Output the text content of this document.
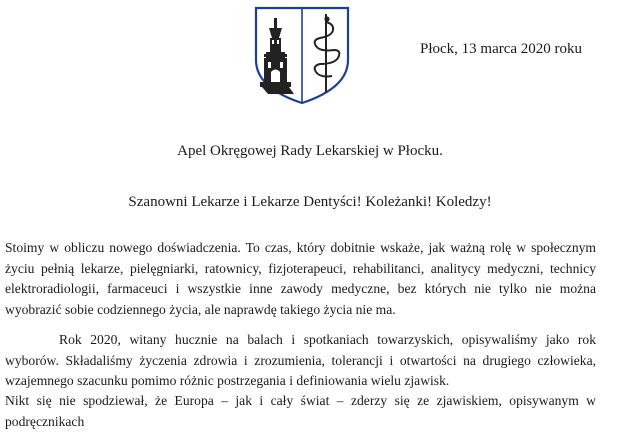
Płock, 13 marca 2020 roku
Apel Okręgowej Rady Lekarskiej w Płocku.
Szanowni Lekarze i Lekarze Dentyści! Koleżanki! Koledzy!

Stoimy w obliczu nowego doświadczenia. To czas, który dobitnie wskaże, jak ważną rolę w społecznym życiu pełnią lekarze, pielęgniarki, ratownicy, fizjoterapeuci, rehabilitanci, analitycy medyczni, technicy elektroradiologii, farmaceuci i wszystkie inne zawody medyczne, bez których nie tylko nie można wyobrazić sobie codziennego życia, ale naprawdę takiego życia nie ma.

Rok 2020, witany hucznie na balach i spotkaniach towarzyskich, opisywaliśmy jako rok wyborów. Składaliśmy życzenia zdrowia i zrozumienia, tolerancji i otwartości na drugiego człowieka, wzajemnego szacunku pomimo różnic postrzegania i definiowania wielu zjawisk.

Nikt się nie spodziewał, że Europa – jak i cały świat – zderzy się ze zjawiskiem, opisywanym w podręcznikach
